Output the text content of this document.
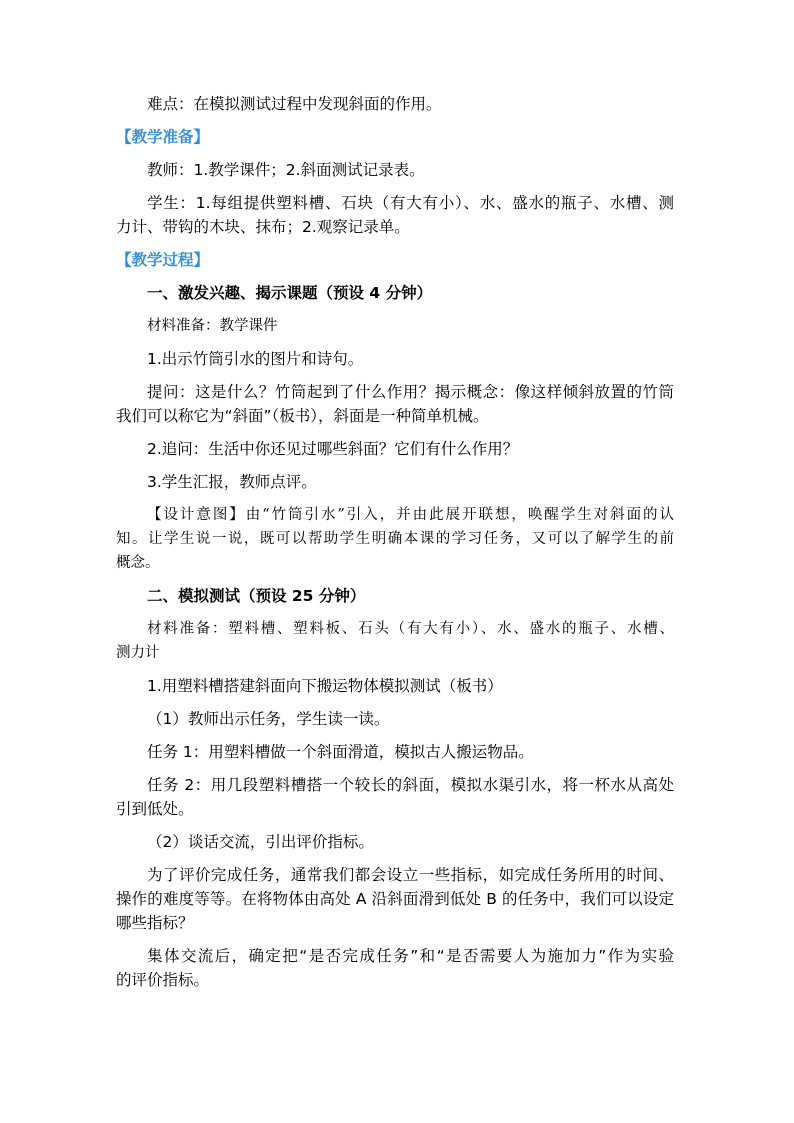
难点：在模拟测试过程中发现斜面的作用。

【教学准备】

教师：1.教学课件；2.斜面测试记录表。

学生：1.每组提供塑料槽、石块（有大有小）、水、盛水的瓶子、水槽、测

力计、带钩的木块、抹布；2.观察记录单。

【教学过程】

一、激发兴趣、揭示课题（预设 4 分钟）

材料准备：教学课件

1.出示竹筒引水的图片和诗句。

提问：这是什么？竹筒起到了什么作用？揭示概念：像这样倾斜放置的竹筒

我们可以称它为“斜面”（板书），斜面是一种简单机械。

2.追问：生活中你还见过哪些斜面？它们有什么作用？

3.学生汇报，教师点评。

【设计意图】由“竹筒引水”引入，并由此展开联想，唤醒学生对斜面的认

知。让学生说一说，既可以帮助学生明确本课的学习任务，又可以了解学生的前

概念。

二、模拟测试（预设 25 分钟）

材料准备：塑料槽、塑料板、石头（有大有小）、水、盛水的瓶子、水槽、

测力计

1.用塑料槽搭建斜面向下搬运物体模拟测试（板书）

（1）教师出示任务，学生读一读。

任务 1：用塑料槽做一个斜面滑道，模拟古人搬运物品。

任务 2：用几段塑料槽搭一个较长的斜面，模拟水渠引水，将一杯水从高处

引到低处。

（2）谈话交流，引出评价指标。

为了评价完成任务，通常我们都会设立一些指标，如完成任务所用的时间、

操作的难度等等。在将物体由高处 A 沿斜面滑到低处 B 的任务中，我们可以设定

哪些指标？

集体交流后，确定把“是否完成任务”和“是否需要人为施加力”作为实验

的评价指标。
